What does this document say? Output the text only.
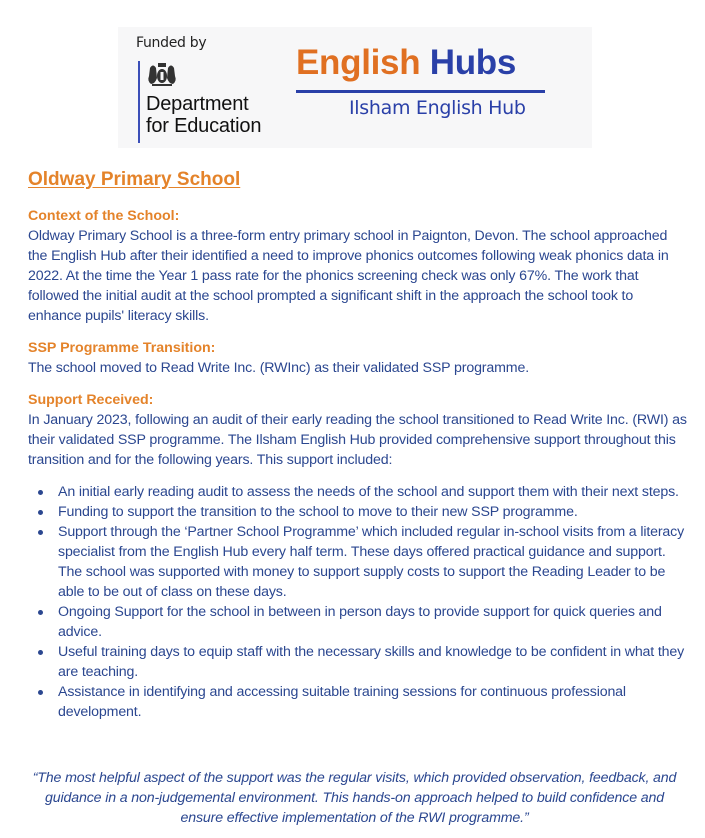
Funded by
Department
for Education
English Hubs
Ilsham English Hub
Oldway Primary School
Context of the School:

Oldway Primary School is a three-form entry primary school in Paignton, Devon. The school approached the English Hub after their identified a need to improve phonics outcomes following weak phonics data in 2022. At the time the Year 1 pass rate for the phonics screening check was only 67%. The work that followed the initial audit at the school prompted a significant shift in the approach the school took to enhance pupils' literacy skills.

SSP Programme Transition:

The school moved to Read Write Inc. (RWInc) as their validated SSP programme.

Support Received:

In January 2023, following an audit of their early reading the school transitioned to Read Write Inc. (RWI) as their validated SSP programme. The Ilsham English Hub provided comprehensive support throughout this transition and for the following years. This support included:

An initial early reading audit to assess the needs of the school and support them with their next steps.
Funding to support the transition to the school to move to their new SSP programme.
Support through the ‘Partner School Programme’ which included regular in-school visits from a literacy specialist from the English Hub every half term. These days offered practical guidance and support. The school was supported with money to support supply costs to support the Reading Leader to be able to be out of class on these days.
Ongoing Support for the school in between in person days to provide support for quick queries and advice.
Useful training days to equip staff with the necessary skills and knowledge to be confident in what they are teaching.
Assistance in identifying and accessing suitable training sessions for continuous professional development.
“The most helpful aspect of the support was the regular visits, which provided observation, feedback, and guidance in a non-judgemental environment. This hands-on approach helped to build confidence and ensure effective implementation of the RWI programme.”
